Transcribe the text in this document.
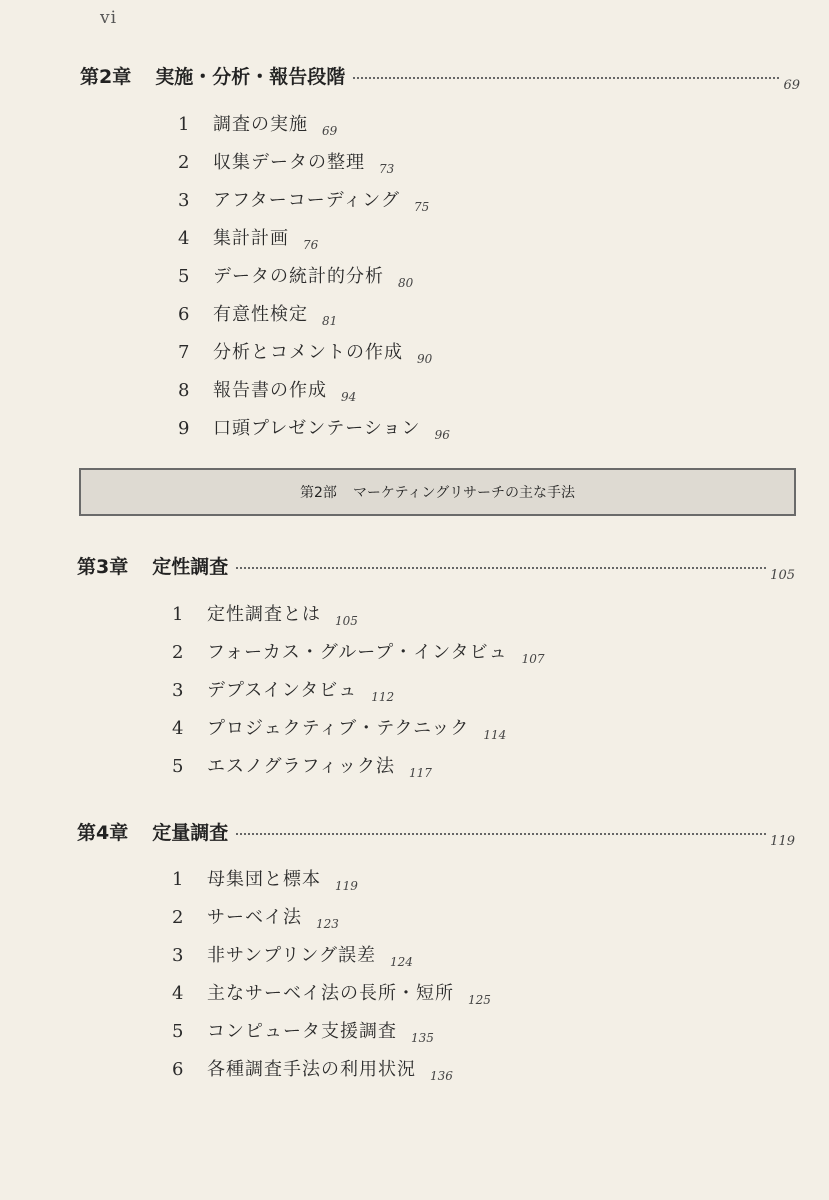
vi
第2章 実施・分析・報告段階	69
1	調査の実施 69
2	収集データの整理 73
3	アフターコーディング 75
4	集計計画 76
5	データの統計的分析 80
6	有意性検定 81
7	分析とコメントの作成 90
8	報告書の作成 94
9	口頭プレゼンテーション 96
第2部 マーケティングリサーチの主な手法
第3章 定性調査	105
1	定性調査とは 105
2	フォーカス・グループ・インタビュ 107
3	デプスインタビュ 112
4	プロジェクティブ・テクニック 114
5	エスノグラフィック法 117
第4章 定量調査	119
1	母集団と標本 119
2	サーベイ法 123
3	非サンプリング誤差 124
4	主なサーベイ法の長所・短所 125
5	コンピュータ支援調査 135
6	各種調査手法の利用状況 136
